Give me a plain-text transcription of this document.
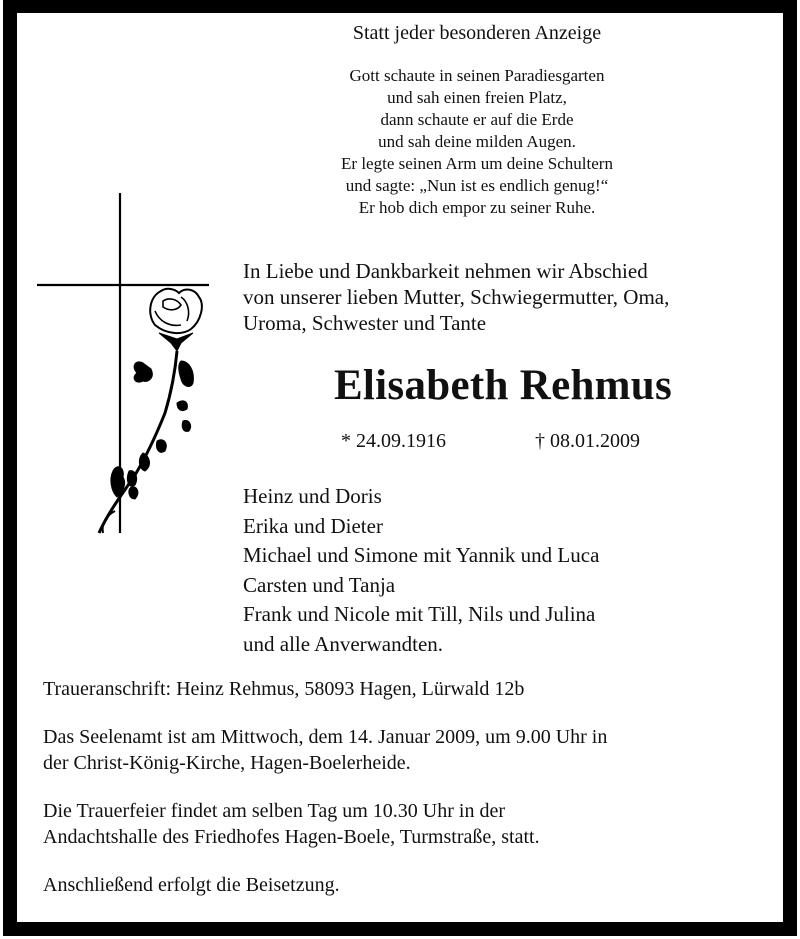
Statt jeder besonderen Anzeige
Gott schaute in seinen Paradiesgarten
und sah einen freien Platz,
dann schaute er auf die Erde
und sah deine milden Augen.
Er legte seinen Arm um deine Schultern
und sagte: „Nun ist es endlich genug!“
Er hob dich empor zu seiner Ruhe.
In Liebe und Dankbarkeit nehmen wir Abschied
von unserer lieben Mutter, Schwiegermutter, Oma,
Uroma, Schwester und Tante
Elisabeth Rehmus
* 24.09.1916	† 08.01.2009
Heinz und Doris
Erika und Dieter
Michael und Simone mit Yannik und Luca
Carsten und Tanja
Frank und Nicole mit Till, Nils und Julina
und alle Anverwandten.

Traueranschrift: Heinz Rehmus, 58093 Hagen, Lürwald 12b

Das Seelenamt ist am Mittwoch, dem 14. Januar 2009, um 9.00 Uhr in
der Christ-König-Kirche, Hagen-Boelerheide.

Die Trauerfeier findet am selben Tag um 10.30 Uhr in der
Andachtshalle des Friedhofes Hagen-Boele, Turmstraße, statt.

Anschließend erfolgt die Beisetzung.
